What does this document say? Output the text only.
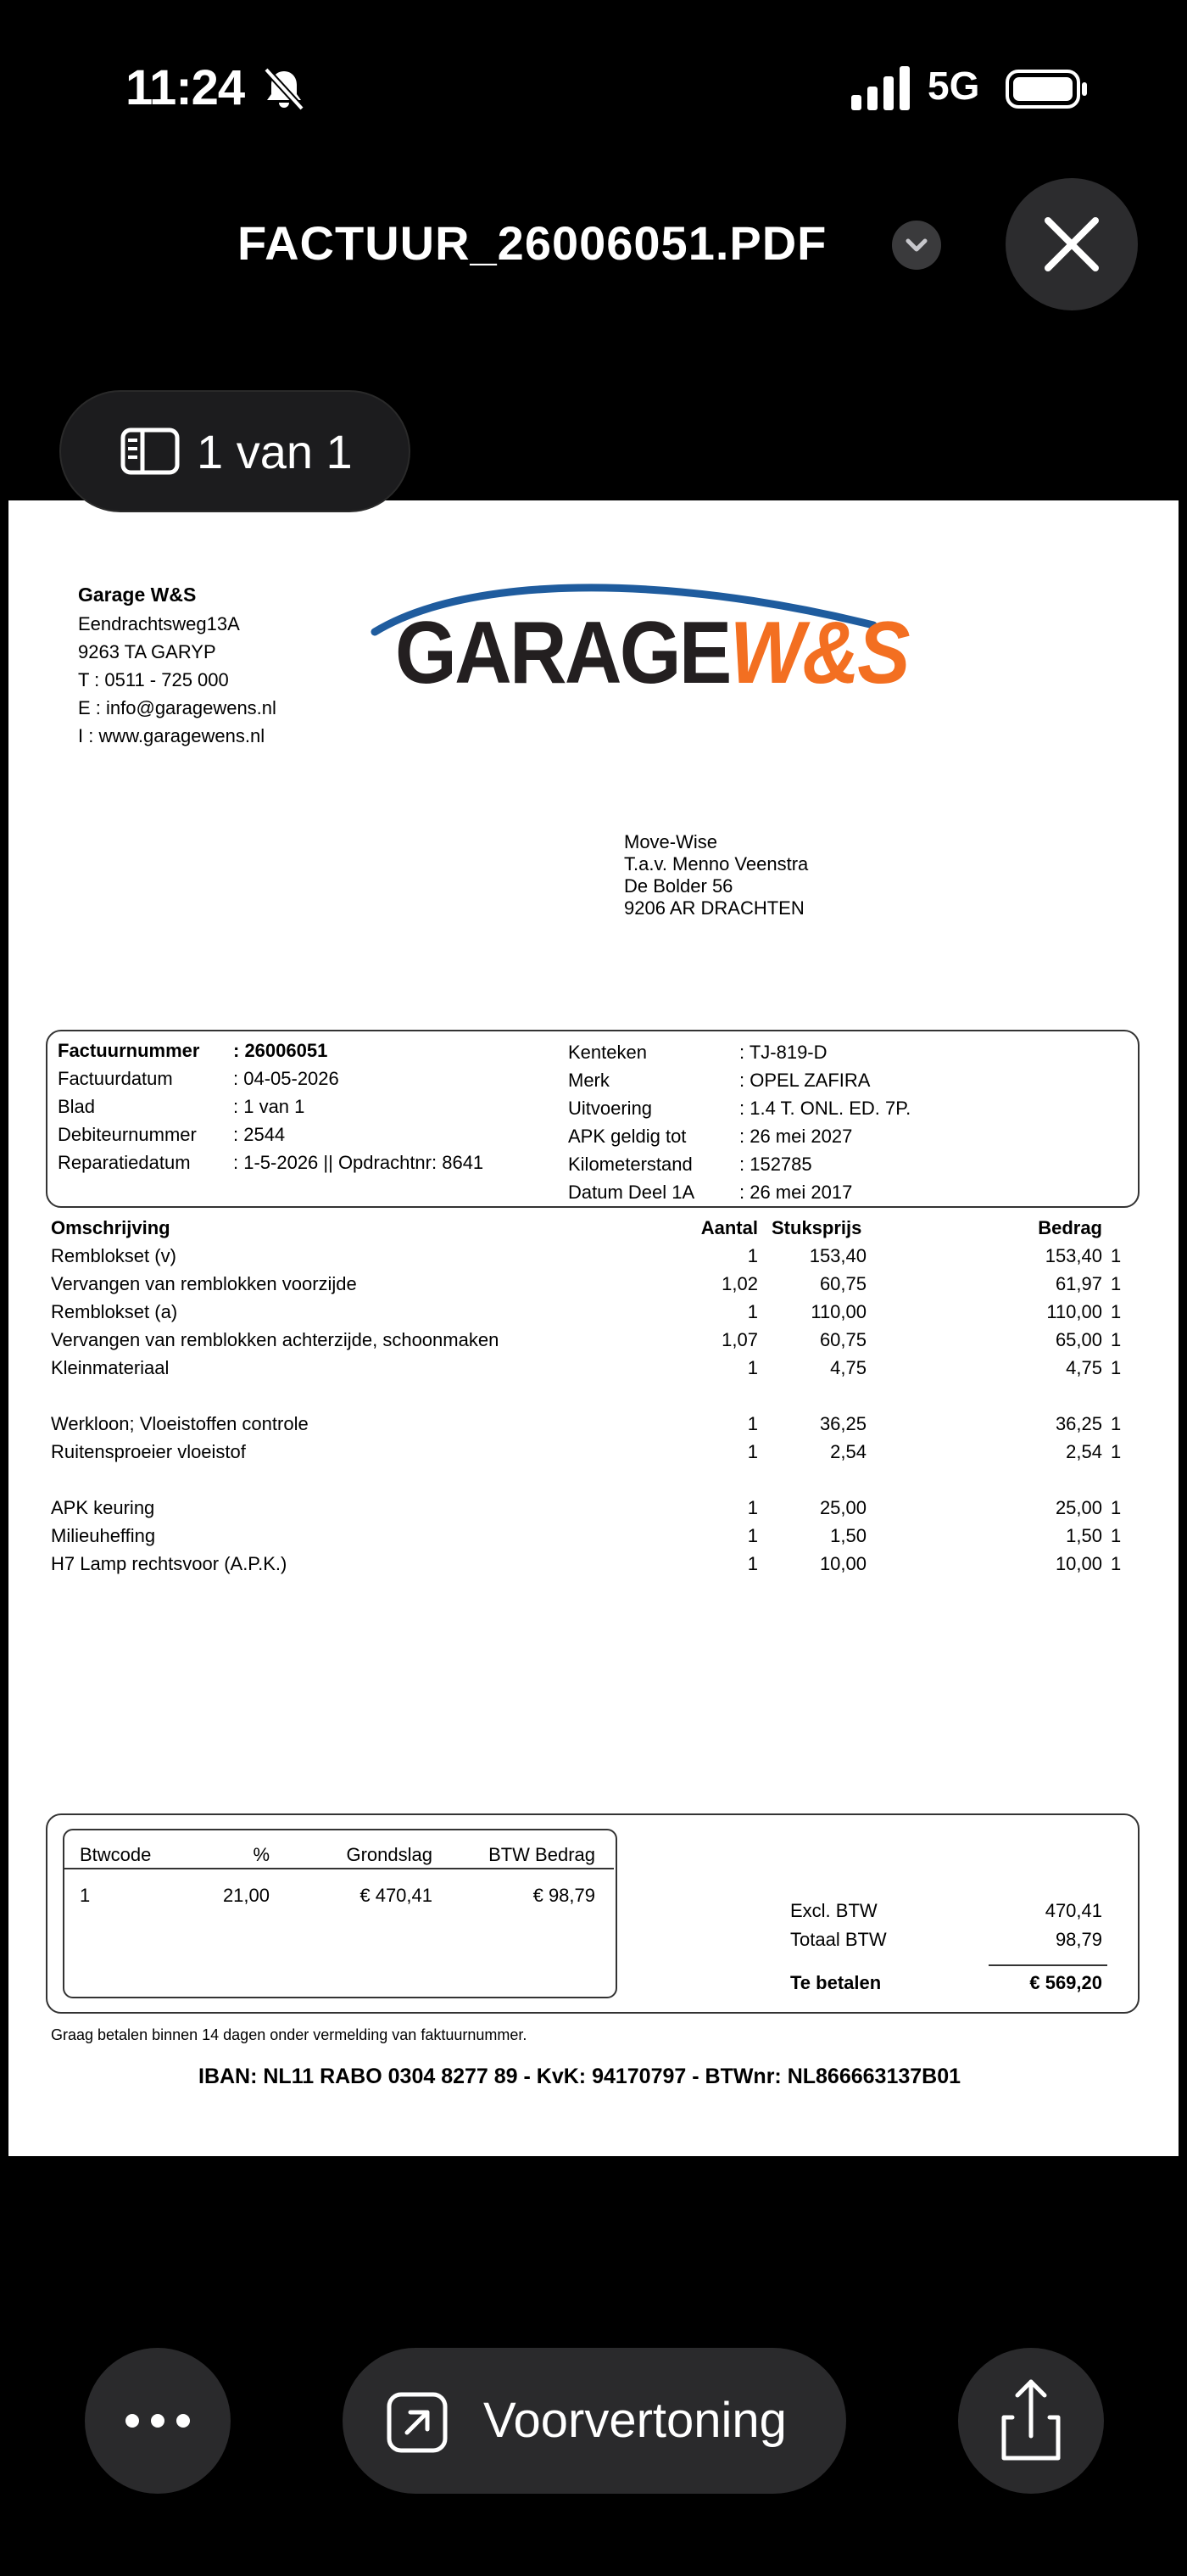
11:24	5G
FACTUUR_26006051.PDF
Garage W&S
Eendrachtsweg13A
9263 TA GARYP
T : 0511 - 725 000
E : info@garagewens.nl
I : www.garagewens.nl
GARAGEW&S
Move-Wise
T.a.v. Menno Veenstra
De Bolder 56
9206 AR DRACHTEN
Factuurnummer : 26006051
Factuurdatum	: 04-05-2026
Blad	: 1 van 1
Debiteurnummer : 2544
Reparatiedatum : 1-5-2026 || Opdrachtnr: 8641
Kenteken	: TJ-819-D
Merk	: OPEL ZAFIRA
Uitvoering	: 1.4 T. ONL. ED. 7P.
APK geldig tot	: 26 mei 2027
Kilometerstand	: 152785
Datum Deel 1A : 26 mei 2017
Omschrijving	Aantal Stuksprijs	Bedrag
Remblokset (v)	1	153,40	153,40 1
Vervangen van remblokken voorzijde	1,02	60,75	61,97 1
Remblokset (a)	1	110,00	110,00 1
Vervangen van remblokken achterzijde, schoonmaken	1,07	60,75	65,00 1
Kleinmateriaal	1	4,75	4,75 1
Werkloon; Vloeistoffen controle	1	36,25	36,25 1
Ruitensproeier vloeistof	1	2,54	2,54 1
APK keuring	1	25,00	25,00 1
Milieuheffing	1	1,50	1,50 1
H7 Lamp rechtsvoor (A.P.K.)	1	10,00	10,00 1
Btwcode	%	Grondslag	BTW Bedrag
1	21,00	€ 470,41	€ 98,79
Excl. BTW	470,41
Totaal BTW	98,79
Te betalen	€ 569,20
Graag betalen binnen 14 dagen onder vermelding van faktuurnummer.
IBAN: NL11 RABO 0304 8277 89 - KvK: 94170797 - BTWnr: NL866663137B01
1 van 1
Voorvertoning
